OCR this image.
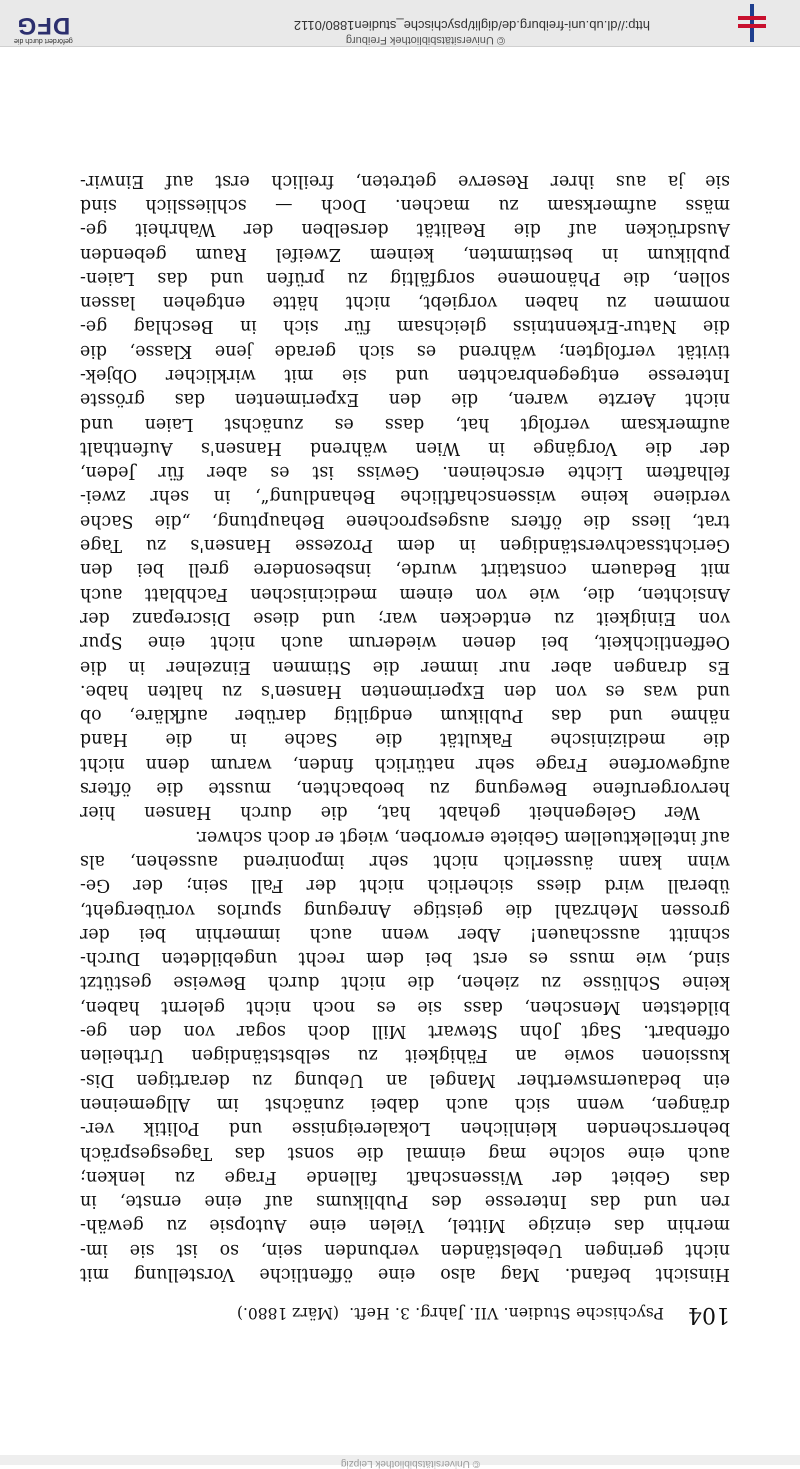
© Universitätsbibliothek Leipzig
104
Psychische Studien. VII. Jahrg. 3. Heft.
(März 1880.)
Hinsicht befand. Mag also eine öffentliche Vorstellung mit
nicht geringen Uebelständen verbunden sein, so ist sie im-
merhin das einzige Mittel, Vielen eine Autopsie zu gewäh-
ren und das Interesse des Publikums auf eine ernste, in
das Gebiet der Wissenschaft fallende Frage zu lenken;
auch eine solche mag einmal die sonst das Tagesgespräch
beherrschenden kleinlichen Lokalereignisse und Politik ver-
drängen, wenn sich auch dabei zunächst im Allgemeinen
ein bedauernswerther Mangel an Uebung zu derartigen Dis-
kussionen sowie an Fähigkeit zu selbstständigen Urtheilen
offenbart. Sagt John Stewart Mill doch sogar von den ge-
bildetsten Menschen, dass sie es noch nicht gelernt haben,
keine Schlüsse zu ziehen, die nicht durch Beweise gestützt
sind, wie muss es erst bei dem recht ungebildeten Durch-
schnitt ausschauen! Aber wenn auch immerhin bei der
grossen Mehrzahl die geistige Anregung spurlos vorübergeht,
überall wird diess sicherlich nicht der Fall sein; der Ge-
winn kann äusserlich nicht sehr imponirend aussehen, als
auf intellektuellem Gebiete erworben, wiegt er doch schwer.
Wer Gelegenheit gehabt hat, die durch Hansen hier
hervorgerufene Bewegung zu beobachten, musste die öfters
aufgeworfene Frage sehr natürlich finden, warum denn nicht
die medizinische Fakultät die Sache in die Hand
nähme und das Publikum endgiltig darüber aufkläre, ob
und was es von den Experimenten Hansen's zu halten habe.
Es drangen aber nur immer die Stimmen Einzelner in die
Oeffentlichkeit, bei denen wiederum auch nicht eine Spur
von Einigkeit zu entdecken war; und diese Discrepanz der
Ansichten, die, wie von einem medicinischen Fachblatt auch
mit Bedauern constatirt wurde, insbesondere grell bei den
Gerichtssachverständigen in dem Prozesse Hansen's zu Tage
trat, liess die öfters ausgesprochene Behauptung, „die Sache
verdiene keine wissenschaftliche Behandlung“, in sehr zwei-
felhaftem Lichte erscheinen. Gewiss ist es aber für Jeden,
der die Vorgänge in Wien während Hansen's Aufenthalt
aufmerksam verfolgt hat, dass es zunächst Laien und
nicht Aerzte waren, die den Experimenten das grösste
Interesse entgegenbrachten und sie mit wirklicher Objek-
tivität verfolgten; während es sich gerade jene Klasse, die
die Natur-Erkenntniss gleichsam für sich in Beschlag ge-
nommen zu haben vorgiebt, nicht hätte entgehen lassen
sollen, die Phänomene sorgfältig zu prüfen und das Laien-
publikum in bestimmten, keinem Zweifel Raum gebenden
Ausdrücken auf die Realität derselben der Wahrheit ge-
mäss aufmerksam zu machen. Doch — schliesslich sind
sie ja aus ihrer Reserve getreten, freilich erst auf Einwir-
© Universitätsbibliothek Freiburg
http://dl.ub.uni-freiburg.de/diglit/psychische_studien1880/0112
gefördert durch die
DFG
